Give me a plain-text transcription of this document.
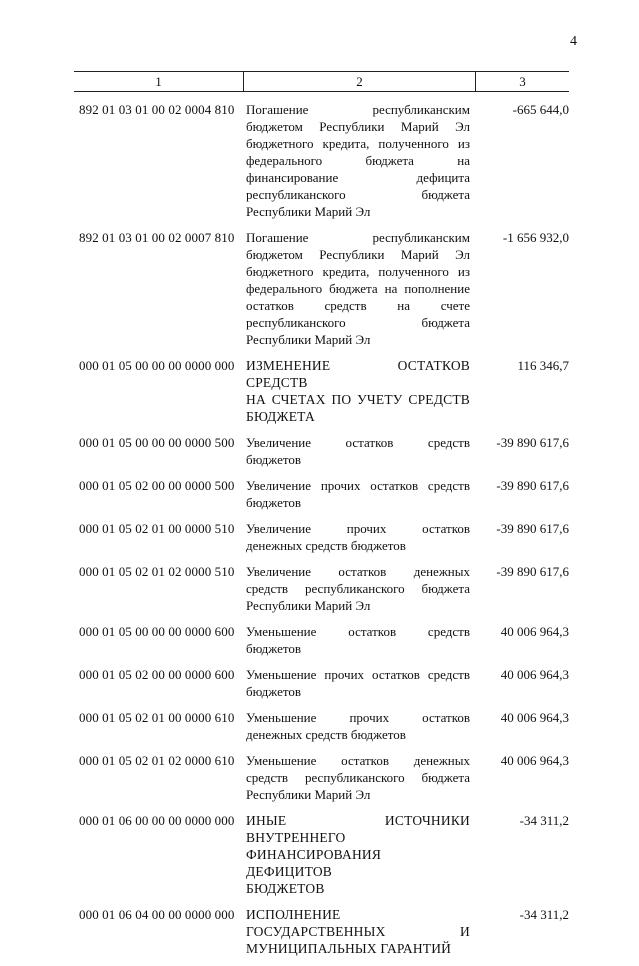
4
1	2	3
892 01 03 01 00 02 0004 810 Погашение республиканским
бюджетом Республики Марий Эл
бюджетного кредита, полученного из
федерального бюджета на
финансирование дефицита
республиканского бюджета
Республики Марий Эл
-665 644,0
892 01 03 01 00 02 0007 810 Погашение республиканским
бюджетом Республики Марий Эл
бюджетного кредита, полученного из
федерального бюджета на пополнение
остатков средств на счете
республиканского бюджета
Республики Марий Эл
-1 656 932,0
000 01 05 00 00 00 0000 000 ИЗМЕНЕНИЕ ОСТАТКОВ СРЕДСТВ
НА СЧЕТАХ ПО УЧЕТУ СРЕДСТВ
БЮДЖЕТА
116 346,7
000 01 05 00 00 00 0000 500 Увеличение остатков средств
бюджетов
-39 890 617,6
000 01 05 02 00 00 0000 500 Увеличение прочих остатков средств
бюджетов
-39 890 617,6
000 01 05 02 01 00 0000 510 Увеличение прочих остатков
денежных средств бюджетов
-39 890 617,6
000 01 05 02 01 02 0000 510 Увеличение остатков денежных
средств республиканского бюджета
Республики Марий Эл
-39 890 617,6
000 01 05 00 00 00 0000 600 Уменьшение остатков средств
бюджетов
40 006 964,3
000 01 05 02 00 00 0000 600 Уменьшение прочих остатков средств
бюджетов
40 006 964,3
000 01 05 02 01 00 0000 610 Уменьшение прочих остатков
денежных средств бюджетов
40 006 964,3
000 01 05 02 01 02 0000 610 Уменьшение остатков денежных
средств республиканского бюджета
Республики Марий Эл
40 006 964,3
000 01 06 00 00 00 0000 000 ИНЫЕ ИСТОЧНИКИ
ВНУТРЕННЕГО
ФИНАНСИРОВАНИЯ ДЕФИЦИТОВ
БЮДЖЕТОВ
-34 311,2
000 01 06 04 00 00 0000 000 ИСПОЛНЕНИЕ
ГОСУДАРСТВЕННЫХ И
МУНИЦИПАЛЬНЫХ ГАРАНТИЙ
-34 311,2
